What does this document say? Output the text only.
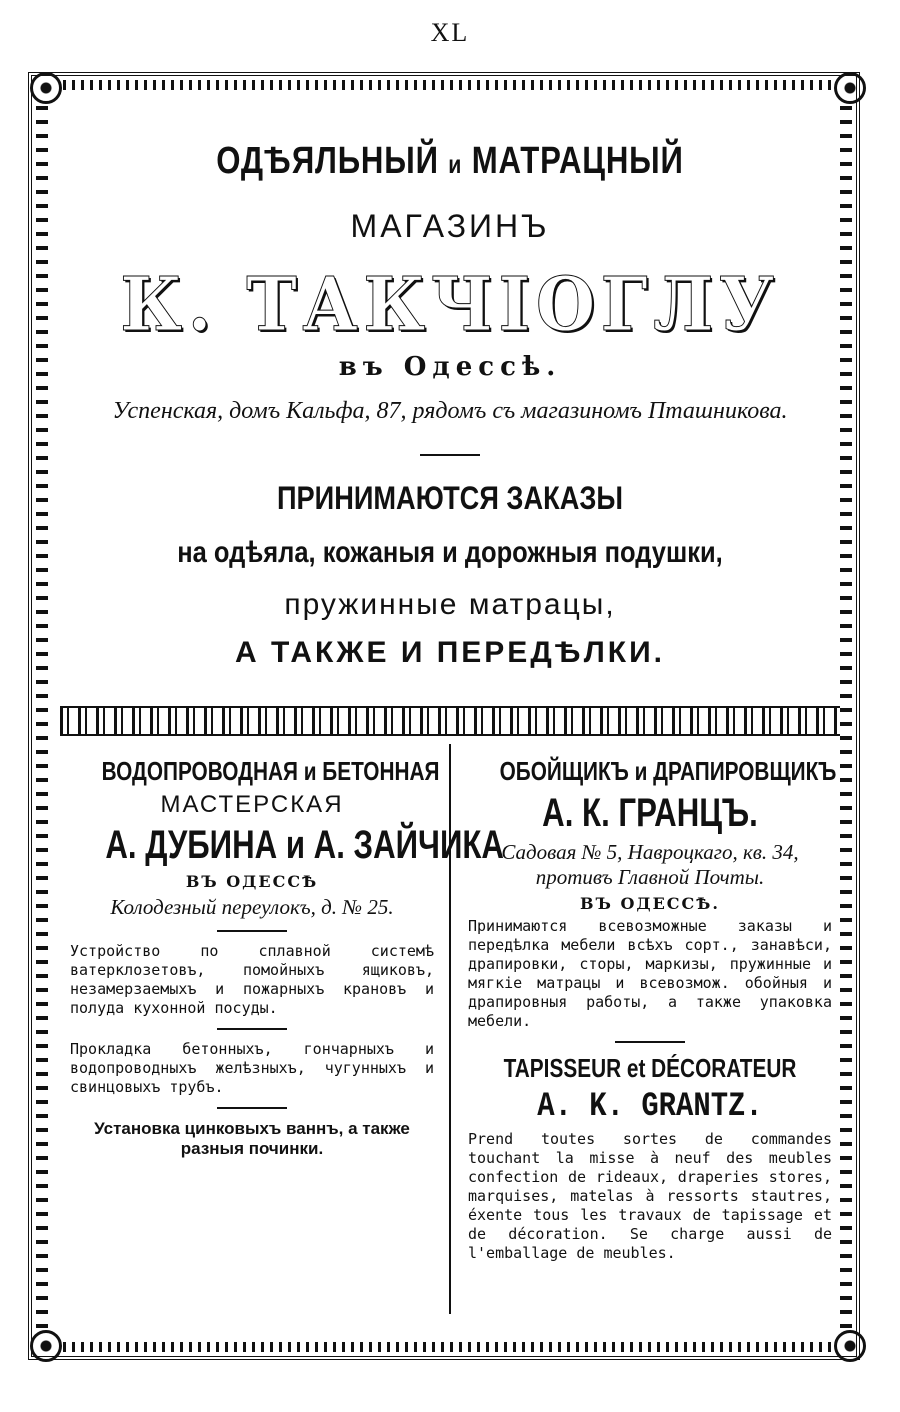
XL
ОДѢЯЛЬНЫЙ и МАТРАЦНЫЙ
МАГАЗИНЪ
К. ТАКЧІОГЛУ
въ Одессѣ.
Успенская, домъ Кальфа, 87, рядомъ съ магазиномъ Пташникова.
ПРИНИМАЮТСЯ ЗАКАЗЫ
на одѣяла, кожаныя и дорожныя подушки,
пружинные матрацы,
А ТАКЖЕ И ПЕРЕДѢЛКИ.
ВОДОПРОВОДНАЯ и БЕТОННАЯ
МАСТЕРСКАЯ
А. ДУБИНА и А. ЗАЙЧИКА
ВЪ ОДЕССѢ
Колодезный переулокъ, д. № 25.
Устройство по сплавной системѣ ватерклозетовъ, помойныхъ ящиковъ, незамерзаемыхъ и пожарныхъ крановъ и полуда кухонной посуды.
Прокладка бетонныхъ, гончарныхъ и водопроводныхъ желѣзныхъ, чугунныхъ и свинцовыхъ трубъ.
Установка цинковыхъ ваннъ, а также разныя починки.
ОБОЙЩИКЪ и ДРАПИРОВЩИКЪ
А. К. ГРАНЦЪ.
Садовая № 5, Навроцкаго, кв. 34, противъ Главной Почты.
ВЪ ОДЕССѢ.
Принимаются всевозможные заказы и передѣлка мебели всѣхъ сорт., занавѣси, драпировки, сторы, маркизы, пружинные и мягкіе матрацы и всевозмож. обойныя и драпировныя работы, а также упаковка мебели.
TAPISSEUR et DÉCORATEUR
A. K. GRANTZ.
Prend toutes sortes de commandes touchant la misse à neuf des meubles confection de rideaux, draperies stores, marquises, matelas à ressorts stautres, éxente tous les travaux de tapissage et de décoration. Se charge aussi de l'emballage de meubles.
